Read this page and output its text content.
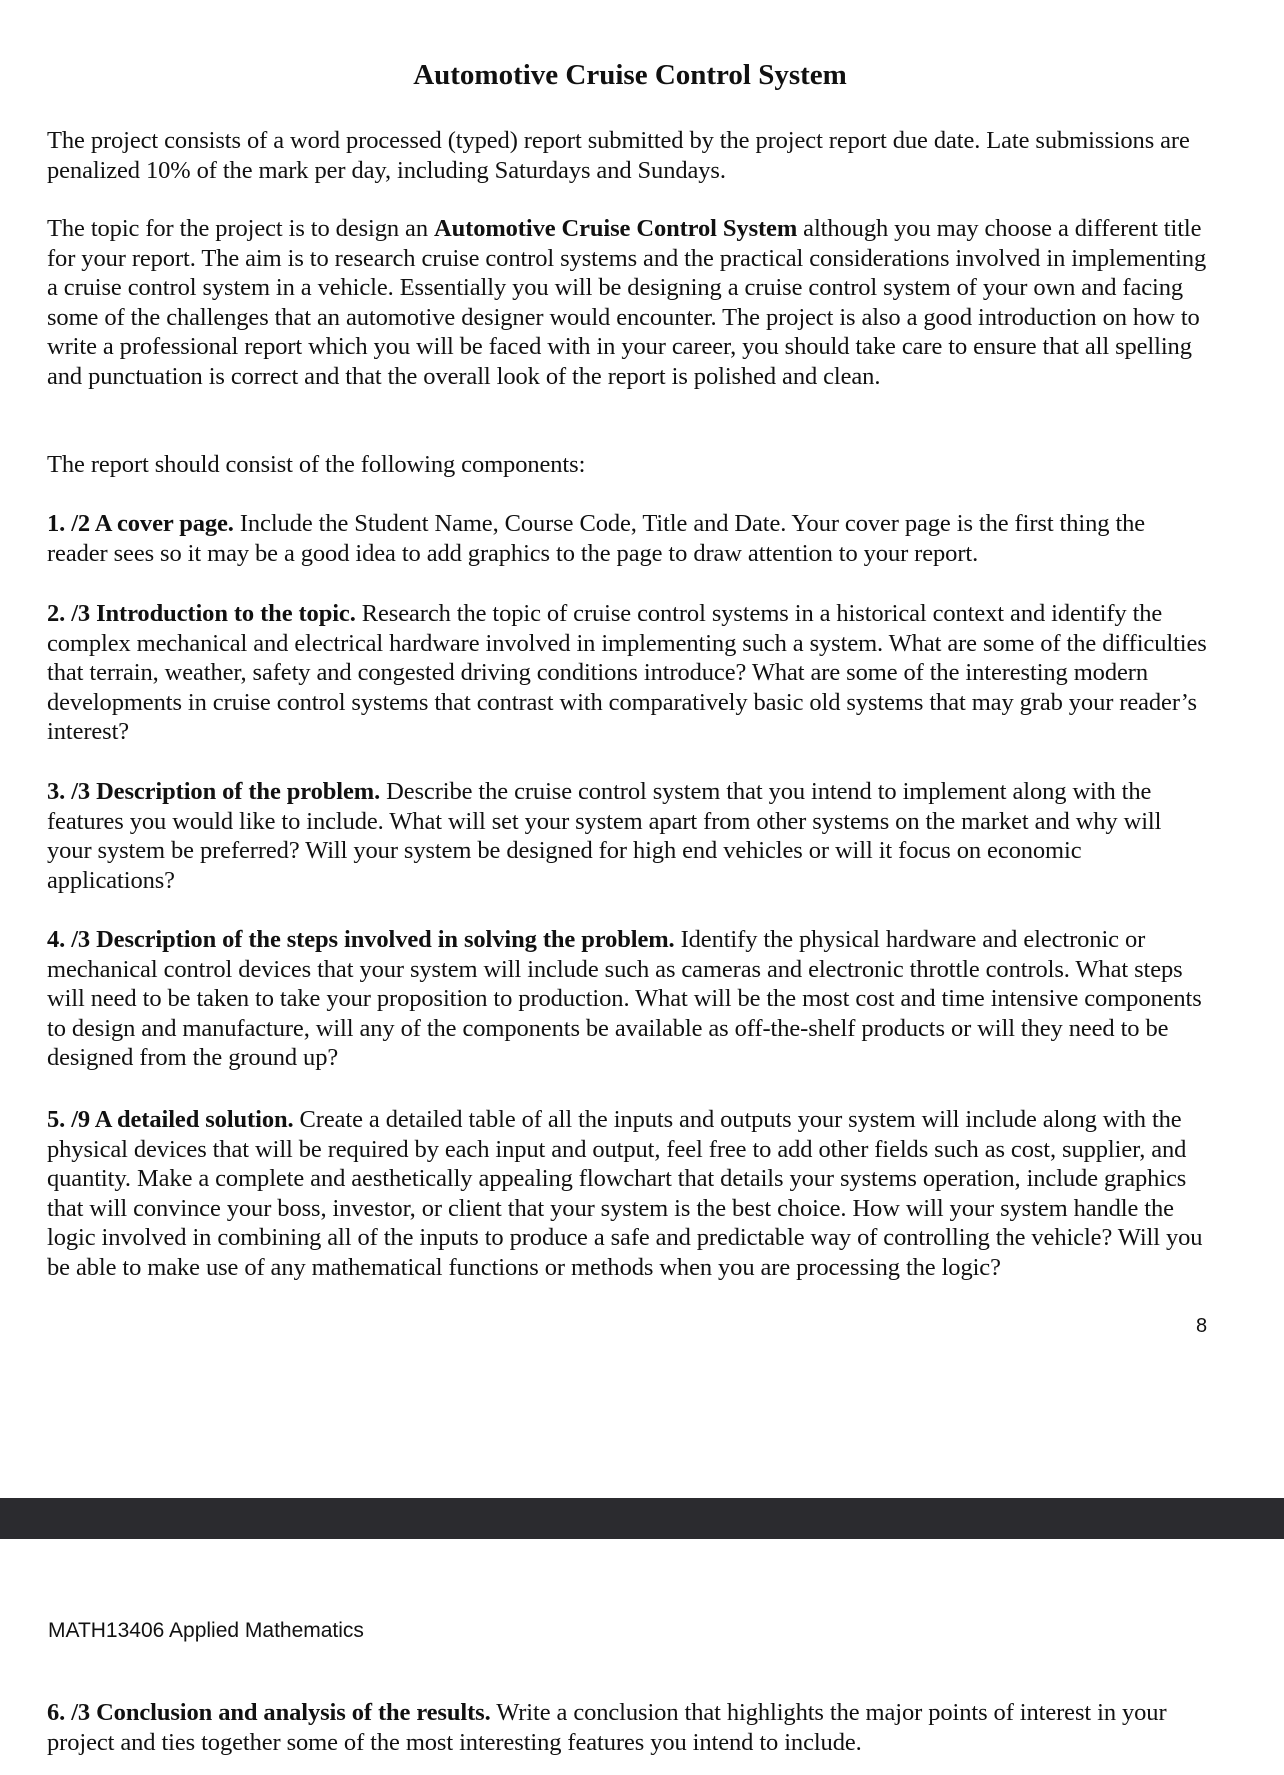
Automotive Cruise Control System

The project consists of a word processed (typed) report submitted by the project report due date. Late submissions are penalized 10% of the mark per day, including Saturdays and Sundays.

The topic for the project is to design an Automotive Cruise Control System although you may choose a different title for your report. The aim is to research cruise control systems and the practical considerations involved in implementing a cruise control system in a vehicle. Essentially you will be designing a cruise control system of your own and facing some of the challenges that an automotive designer would encounter. The project is also a good introduction on how to write a professional report which you will be faced with in your career, you should take care to ensure that all spelling and punctuation is correct and that the overall look of the report is polished and clean.

The report should consist of the following components:

1. /2 A cover page. Include the Student Name, Course Code, Title and Date. Your cover page is the first thing the reader sees so it may be a good idea to add graphics to the page to draw attention to your report.

2. /3 Introduction to the topic. Research the topic of cruise control systems in a historical context and identify the complex mechanical and electrical hardware involved in implementing such a system. What are some of the difficulties that terrain, weather, safety and congested driving conditions introduce? What are some of the interesting modern developments in cruise control systems that contrast with comparatively basic old systems that may grab your reader’s interest?

3. /3 Description of the problem. Describe the cruise control system that you intend to implement along with the features you would like to include. What will set your system apart from other systems on the market and why will your system be preferred? Will your system be designed for high end vehicles or will it focus on economic applications?

4. /3 Description of the steps involved in solving the problem. Identify the physical hardware and electronic or mechanical control devices that your system will include such as cameras and electronic throttle controls. What steps will need to be taken to take your proposition to production. What will be the most cost and time intensive components to design and manufacture, will any of the components be available as off-the-shelf products or will they need to be designed from the ground up?

5. /9 A detailed solution. Create a detailed table of all the inputs and outputs your system will include along with the physical devices that will be required by each input and output, feel free to add other fields such as cost, supplier, and quantity. Make a complete and aesthetically appealing flowchart that details your systems operation, include graphics that will convince your boss, investor, or client that your system is the best choice. How will your system handle the logic involved in combining all of the inputs to produce a safe and predictable way of controlling the vehicle? Will you be able to make use of any mathematical functions or methods when you are processing the logic?

8
MATH13406 Applied Mathematics

6. /3 Conclusion and analysis of the results. Write a conclusion that highlights the major points of interest in your project and ties together some of the most interesting features you intend to include.
